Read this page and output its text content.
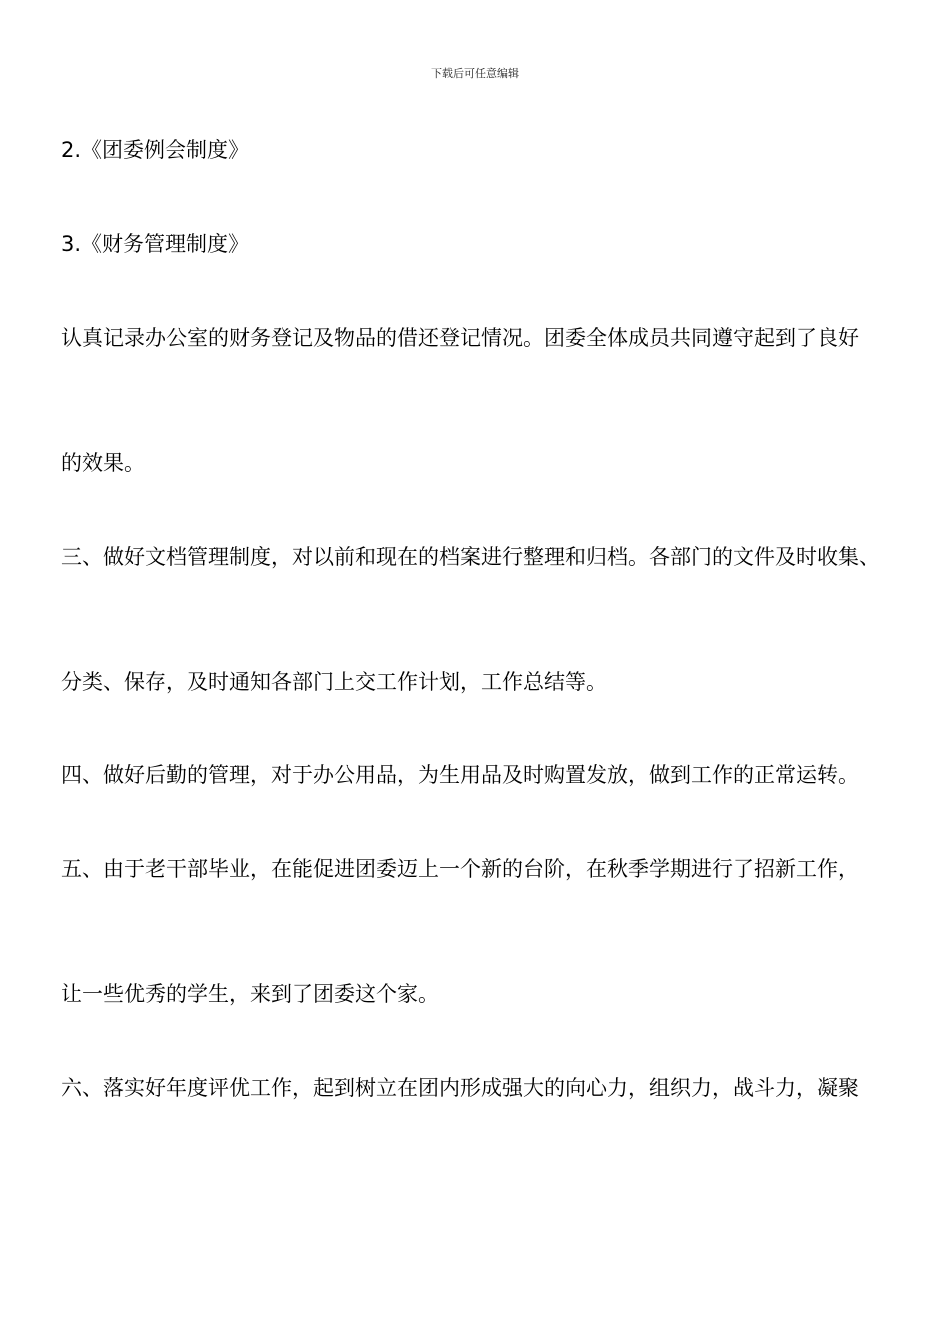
下载后可任意编辑
2.《团委例会制度》
3.《财务管理制度》
认真记录办公室的财务登记及物品的借还登记情况。团委全体成员共同遵守起到了良好
的效果。
三、做好文档管理制度，对以前和现在的档案进行整理和归档。各部门的文件及时收集、
分类、保存，及时通知各部门上交工作计划，工作总结等。
四、做好后勤的管理，对于办公用品，为生用品及时购置发放，做到工作的正常运转。
五、由于老干部毕业，在能促进团委迈上一个新的台阶，在秋季学期进行了招新工作，
让一些优秀的学生，来到了团委这个家。
六、落实好年度评优工作，起到树立在团内形成强大的向心力，组织力，战斗力，凝聚
